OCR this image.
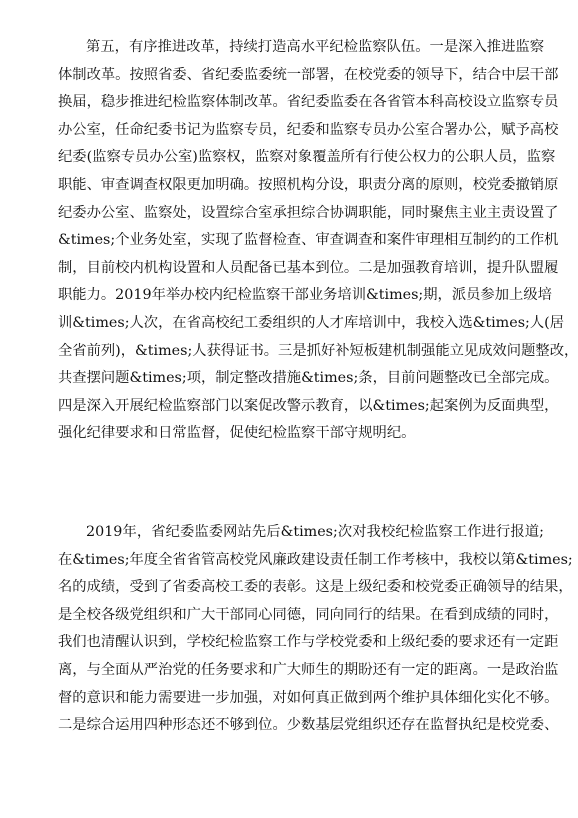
第五，有序推进改革，持续打造高水平纪检监察队伍。一是深入推进监察
体制改革。按照省委、省纪委监委统一部署，在校党委的领导下，结合中层干部
换届，稳步推进纪检监察体制改革。省纪委监委在各省管本科高校设立监察专员
办公室，任命纪委书记为监察专员，纪委和监察专员办公室合署办公，赋予高校
纪委(监察专员办公室)监察权，监察对象覆盖所有行使公权力的公职人员，监察
职能、审查调查权限更加明确。按照机构分设，职责分离的原则，校党委撤销原
纪委办公室、监察处，设置综合室承担综合协调职能，同时聚焦主业主责设置了
&times;个业务处室，实现了监督检查、审查调查和案件审理相互制约的工作机
制，目前校内机构设置和人员配备已基本到位。二是加强教育培训，提升队盟履
职能力。2019年举办校内纪检监察干部业务培训&times;期，派员参加上级培
训&times;人次，在省高校纪工委组织的人才库培训中，我校入选&times;人(居
全省前列)，&times;人获得证书。三是抓好补短板建机制强能立见成效问题整改，
共查摆问题&times;项，制定整改措施&times;条，目前问题整改已全部完成。
四是深入开展纪检监察部门以案促改警示教育，以&times;起案例为反面典型，
强化纪律要求和日常监督，促使纪检监察干部守规明纪。
2019年，省纪委监委网站先后&times;次对我校纪检监察工作进行报道;
在&times;年度全省省管高校党风廉政建设责任制工作考核中，我校以第&times;
名的成绩，受到了省委高校工委的表彰。这是上级纪委和校党委正确领导的结果，
是全校各级党组织和广大干部同心同德，同向同行的结果。在看到成绩的同时，
我们也清醒认识到，学校纪检监察工作与学校党委和上级纪委的要求还有一定距
离，与全面从严治党的任务要求和广大师生的期盼还有一定的距离。一是政治监
督的意识和能力需要进一步加强，对如何真正做到两个维护具体细化实化不够。
二是综合运用四种形态还不够到位。少数基层党组织还存在监督执纪是校党委、
